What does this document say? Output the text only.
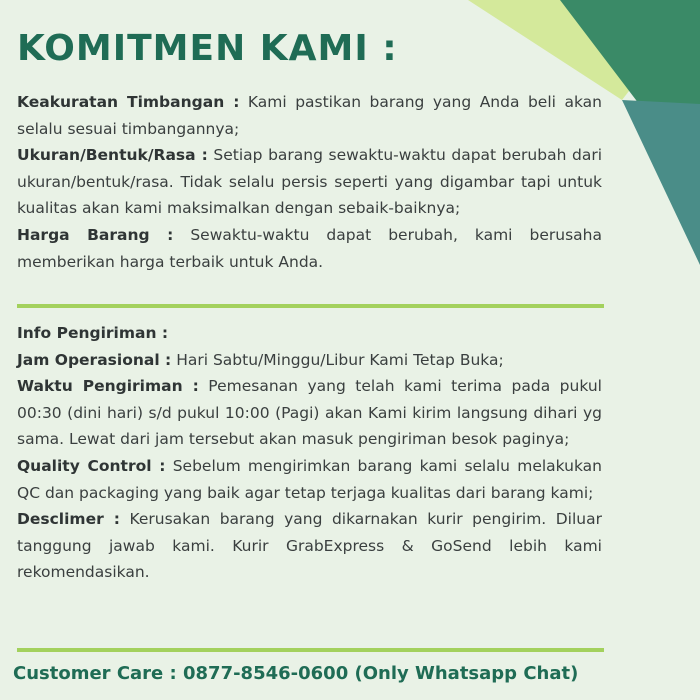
KOMITMEN KAMI :

Keakuratan Timbangan : Kami pastikan barang yang Anda beli akan selalu sesuai timbangannya;

Ukuran/Bentuk/Rasa : Setiap barang sewaktu-waktu dapat berubah dari ukuran/bentuk/rasa. Tidak selalu persis seperti yang digambar tapi untuk kualitas akan kami maksimalkan dengan sebaik-baiknya;

Harga Barang : Sewaktu-waktu dapat berubah, kami berusaha memberikan harga terbaik untuk Anda.

Info Pengiriman :

Jam Operasional : Hari Sabtu/Minggu/Libur Kami Tetap Buka;

Waktu Pengiriman : Pemesanan yang telah kami terima pada pukul 00:30 (dini hari) s/d pukul 10:00 (Pagi) akan Kami kirim langsung dihari yg sama. Lewat dari jam tersebut akan masuk pengiriman besok paginya;

Quality Control : Sebelum mengirimkan barang kami selalu melakukan QC dan packaging yang baik agar tetap terjaga kualitas dari barang kami;

Desclimer : Kerusakan barang yang dikarnakan kurir pengirim. Diluar tanggung jawab kami. Kurir GrabExpress & GoSend lebih kami rekomendasikan.

Customer Care : 0877-8546-0600 (Only Whatsapp Chat)
